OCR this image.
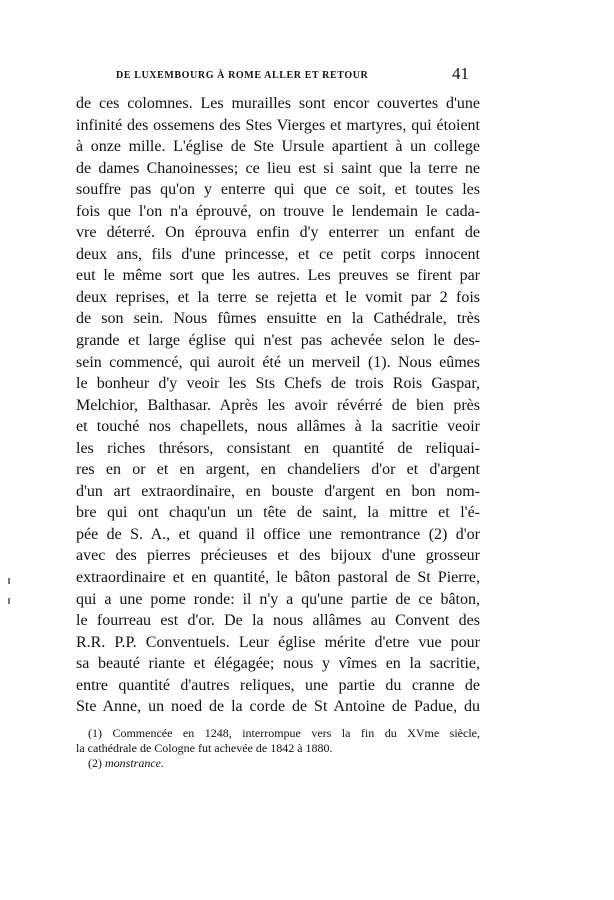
DE LUXEMBOURG À ROME ALLER ET RETOUR	41
de ces colomnes. Les murailles sont encor couvertes d'une
infinité des ossemens des Stes Vierges et martyres, qui étoient
à onze mille. L'église de Ste Ursule apartient à un college
de dames Chanoinesses; ce lieu est si saint que la terre ne
souffre pas qu'on y enterre qui que ce soit, et toutes les
fois que l'on n'a éprouvé, on trouve le lendemain le cada-
vre déterré. On éprouva enfin d'y enterrer un enfant de
deux ans, fils d'une princesse, et ce petit corps innocent
eut le même sort que les autres. Les preuves se firent par
deux reprises, et la terre se rejetta et le vomit par 2 fois
de son sein. Nous fûmes ensuitte en la Cathédrale, très
grande et large église qui n'est pas achevée selon le des-
sein commencé, qui auroit été un merveil (1). Nous eûmes
le bonheur d'y veoir les Sts Chefs de trois Rois Gaspar,
Melchior, Balthasar. Après les avoir révérré de bien près
et touché nos chapellets, nous allâmes à la sacritie veoir
les riches thrésors, consistant en quantité de reliquai-
res en or et en argent, en chandeliers d'or et d'argent
d'un art extraordinaire, en bouste d'argent en bon nom-
bre qui ont chaqu'un un tête de saint, la mittre et l'é-
pée de S. A., et quand il office une remontrance (2) d'or
avec des pierres précieuses et des bijoux d'une grosseur
extraordinaire et en quantité, le bâton pastoral de St Pierre,
qui a une pome ronde: il n'y a qu'une partie de ce bâton,
le fourreau est d'or. De la nous allâmes au Convent des
R.R. P.P. Conventuels. Leur église mérite d'etre vue pour
sa beauté riante et élégagée; nous y vîmes en la sacritie,
entre quantité d'autres reliques, une partie du cranne de
Ste Anne, un noed de la corde de St Antoine de Padue, du
(1) Commencée en 1248, interrompue vers la fin du XVme siècle,
la cathédrale de Cologne fut achevée de 1842 à 1880.
(2) monstrance.
